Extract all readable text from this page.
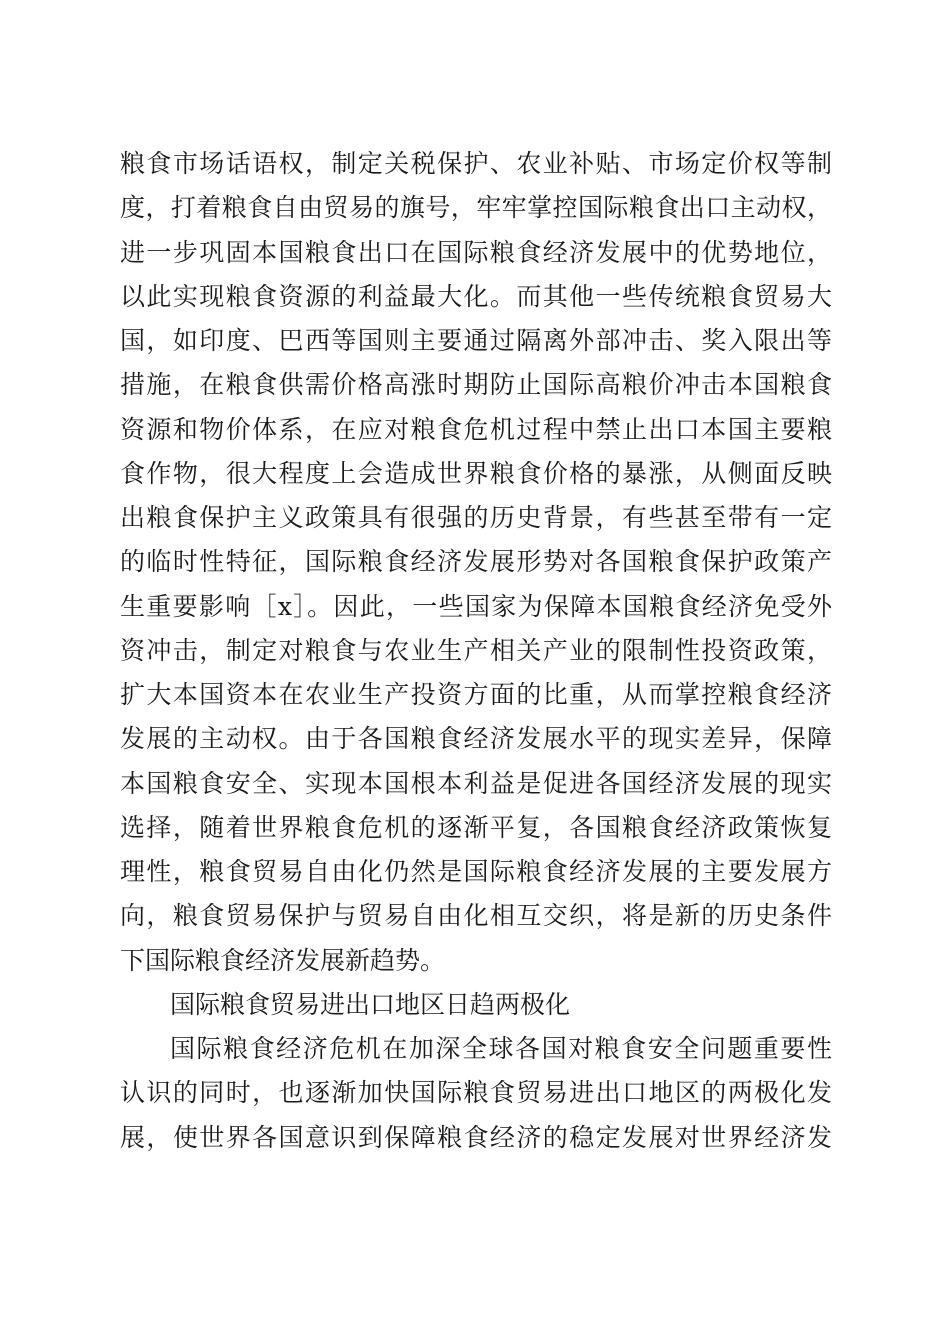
粮食市场话语权，制定关税保护、农业补贴、市场定价权等制
度，打着粮食自由贸易的旗号，牢牢掌控国际粮食出口主动权，
进一步巩固本国粮食出口在国际粮食经济发展中的优势地位，
以此实现粮食资源的利益最大化。而其他一些传统粮食贸易大
国，如印度、巴西等国则主要通过隔离外部冲击、奖入限出等
措施，在粮食供需价格高涨时期防止国际高粮价冲击本国粮食
资源和物价体系，在应对粮食危机过程中禁止出口本国主要粮
食作物，很大程度上会造成世界粮食价格的暴涨，从侧面反映
出粮食保护主义政策具有很强的历史背景，有些甚至带有一定
的临时性特征，国际粮食经济发展形势对各国粮食保护政策产
生重要影响［x］。因此，一些国家为保障本国粮食经济免受外
资冲击，制定对粮食与农业生产相关产业的限制性投资政策，
扩大本国资本在农业生产投资方面的比重，从而掌控粮食经济
发展的主动权。由于各国粮食经济发展水平的现实差异，保障
本国粮食安全、实现本国根本利益是促进各国经济发展的现实
选择，随着世界粮食危机的逐渐平复，各国粮食经济政策恢复
理性，粮食贸易自由化仍然是国际粮食经济发展的主要发展方
向，粮食贸易保护与贸易自由化相互交织，将是新的历史条件
下国际粮食经济发展新趋势。
国际粮食贸易进出口地区日趋两极化
国际粮食经济危机在加深全球各国对粮食安全问题重要性
认识的同时，也逐渐加快国际粮食贸易进出口地区的两极化发
展，使世界各国意识到保障粮食经济的稳定发展对世界经济发
